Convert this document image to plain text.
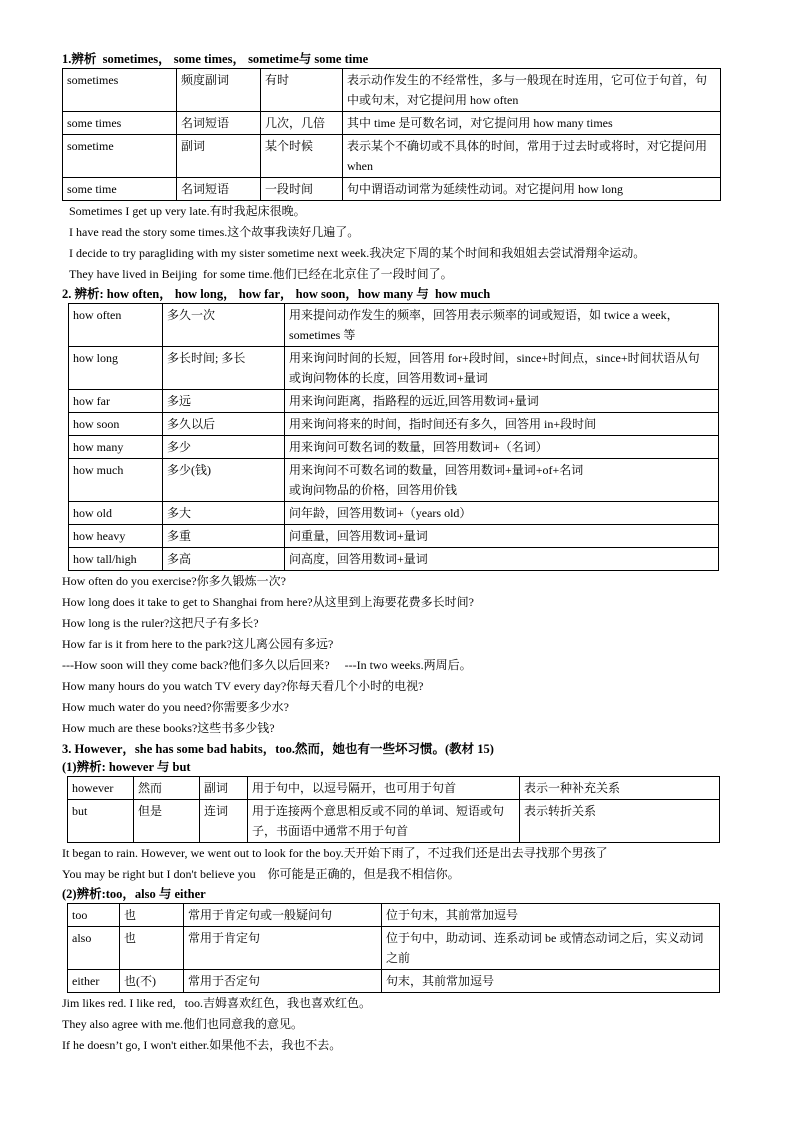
1.辨析  sometimes， some times， sometime与 some time
sometimes	频度副词	有时	表示动作发生的不经常性，多与一般现在时连用，它可位于句首，句中或句末，对它提问用 how often
some times	名词短语	几次，几倍	其中 time 是可数名词，对它提问用 how many times
sometime	副词	某个时候	表示某个不确切或不具体的时间，常用于过去时或将时，对它提问用 when
some time	名词短语	一段时间	句中谓语动词常为延续性动词。对它提问用 how long
Sometimes I get up very late.有时我起床很晚。
I have read the story some times.这个故事我读好几遍了。
I decide to try paragliding with my sister sometime next week.我决定下周的某个时间和我姐姐去尝试滑翔伞运动。
They have lived in Beijing  for some time.他们已经在北京住了一段时间了。
2. 辨析: how often， how long， how far， how soon，how many 与  how much
how often	多久一次	用来提问动作发生的频率，回答用表示频率的词或短语，如 twice a week， sometimes 等
how long	多长时间; 多长	用来询问时间的长短，回答用 for+段时间，since+时间点，since+时间状语从句
或询问物体的长度，回答用数词+量词
how far	多远	用来询问距离，指路程的远近,回答用数词+量词
how soon	多久以后	用来询问将来的时间，指时间还有多久，回答用 in+段时间
how many	多少	用来询问可数名词的数量，回答用数词+（名词）
how much	多少(钱)	用来询问不可数名词的数量，回答用数词+量词+of+名词
或询问物品的价格，回答用价钱
how old	多大	问年龄，回答用数词+（years old）
how heavy	多重	问重量，回答用数词+量词
how tall/high	多高	问高度，回答用数词+量词
How often do you exercise?你多久锻炼一次?
How long does it take to get to Shanghai from here?从这里到上海要花费多长时间?
How long is the ruler?这把尺子有多长?
How far is it from here to the park?这儿离公园有多远?
---How soon will they come back?他们多久以后回来?     ---In two weeks.两周后。
How many hours do you watch TV every day?你每天看几个小时的电视?
How much water do you need?你需要多少水?
How much are these books?这些书多少钱?
3. However，she has some bad habits，too.然而，她也有一些坏习惯。(教材 15)
(1)辨析: however 与 but
however	然而	副词	用于句中，以逗号隔开，也可用于句首	表示一种补充关系
but	但是	连词	用于连接两个意思相反或不同的单词、短语或句子，书面语中通常不用于句首	表示转折关系
It began to rain. However, we went out to look for the boy.天开始下雨了，不过我们还是出去寻找那个男孩了
You may be right but I don't believe you    你可能是正确的，但是我不相信你。
(2)辨析:too，also 与 either
too	也	常用于肯定句或一般疑问句	位于句末，其前常加逗号
also	也	常用于肯定句	位于句中，助动词、连系动词 be 或情态动词之后，实义动词之前
either	也(不)	常用于否定句	句末，其前常加逗号
Jim likes red. I like red,   too.吉姆喜欢红色，我也喜欢红色。
They also agree with me.他们也同意我的意见。
If he doesn’t go, I won't either.如果他不去，我也不去。
